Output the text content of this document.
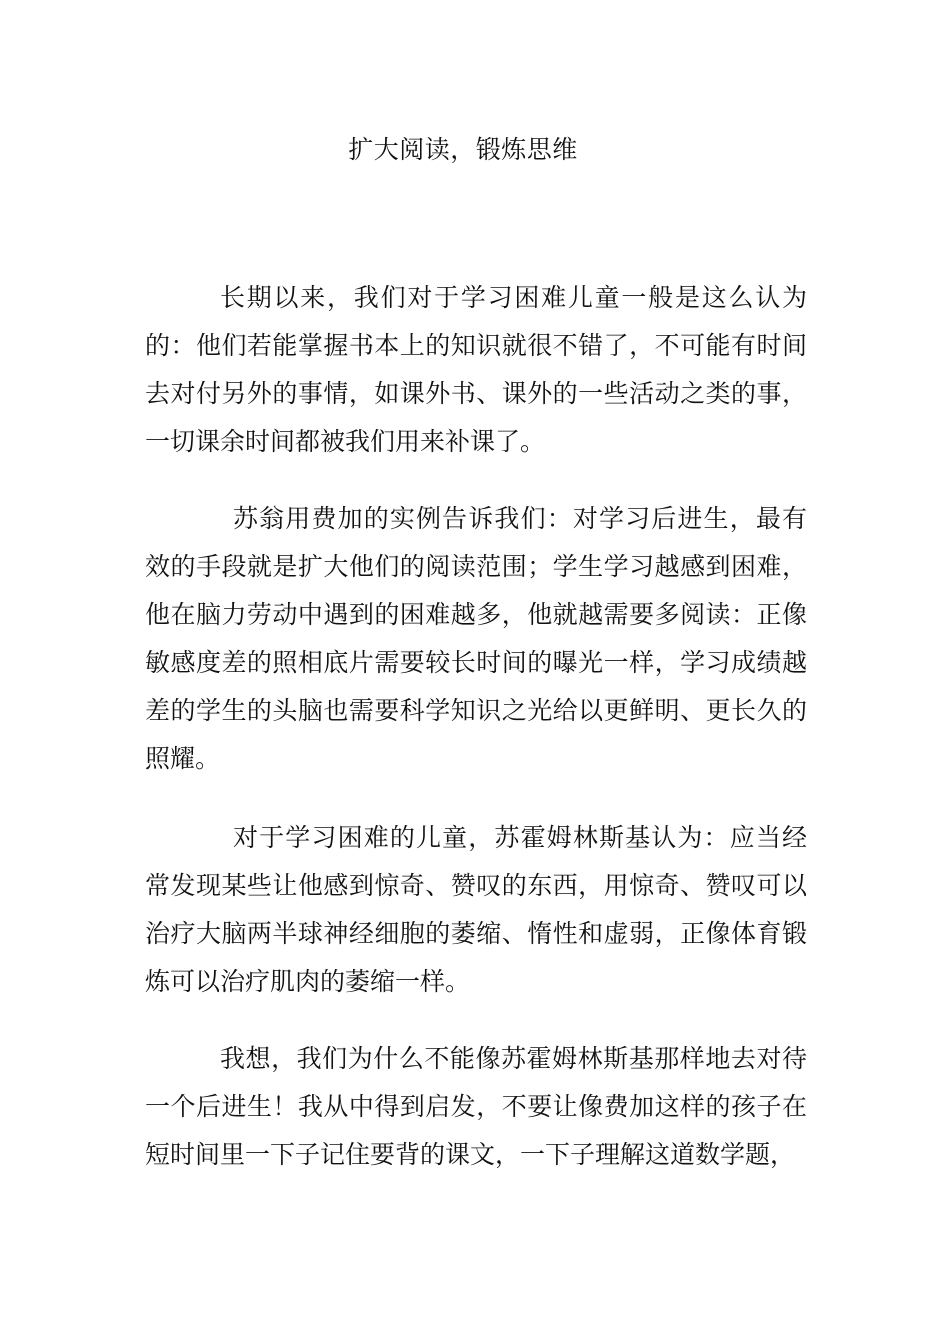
扩大阅读，锻炼思维

长期以来，我们对于学习困难儿童一般是这么认为的：他们若能掌握书本上的知识就很不错了，不可能有时间去对付另外的事情，如课外书、课外的一些活动之类的事，一切课余时间都被我们用来补课了。

苏翁用费加的实例告诉我们：对学习后进生，最有效的手段就是扩大他们的阅读范围；学生学习越感到困难，他在脑力劳动中遇到的困难越多，他就越需要多阅读：正像敏感度差的照相底片需要较长时间的曝光一样，学习成绩越差的学生的头脑也需要科学知识之光给以更鲜明、更长久的照耀。

对于学习困难的儿童，苏霍姆林斯基认为：应当经常发现某些让他感到惊奇、赞叹的东西，用惊奇、赞叹可以治疗大脑两半球神经细胞的萎缩、惰性和虚弱，正像体育锻炼可以治疗肌肉的萎缩一样。

我想，我们为什么不能像苏霍姆林斯基那样地去对待一个后进生！我从中得到启发，不要让像费加这样的孩子在短时间里一下子记住要背的课文，一下子理解这道数学题，
